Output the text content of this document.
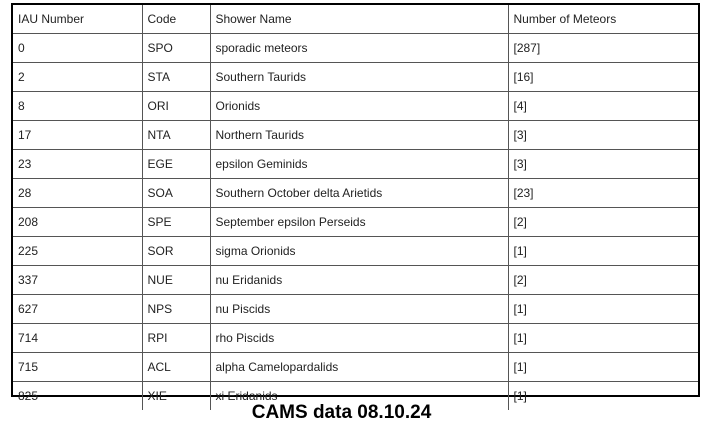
IAU Number	Code	Shower Name	Number of Meteors
0	SPO	sporadic meteors	[287]
2	STA	Southern Taurids	[16]
8	ORI	Orionids	[4]
17	NTA	Northern Taurids	[3]
23	EGE	epsilon Geminids	[3]
28	SOA	Southern October delta Arietids	[23]
208	SPE	September epsilon Perseids	[2]
225	SOR	sigma Orionids	[1]
337	NUE	nu Eridanids	[2]
627	NPS	nu Piscids	[1]
714	RPI	rho Piscids	[1]
715	ACL	alpha Camelopardalids	[1]
825	XIE	xi Eridanids	[1]
CAMS data 08.10.24
